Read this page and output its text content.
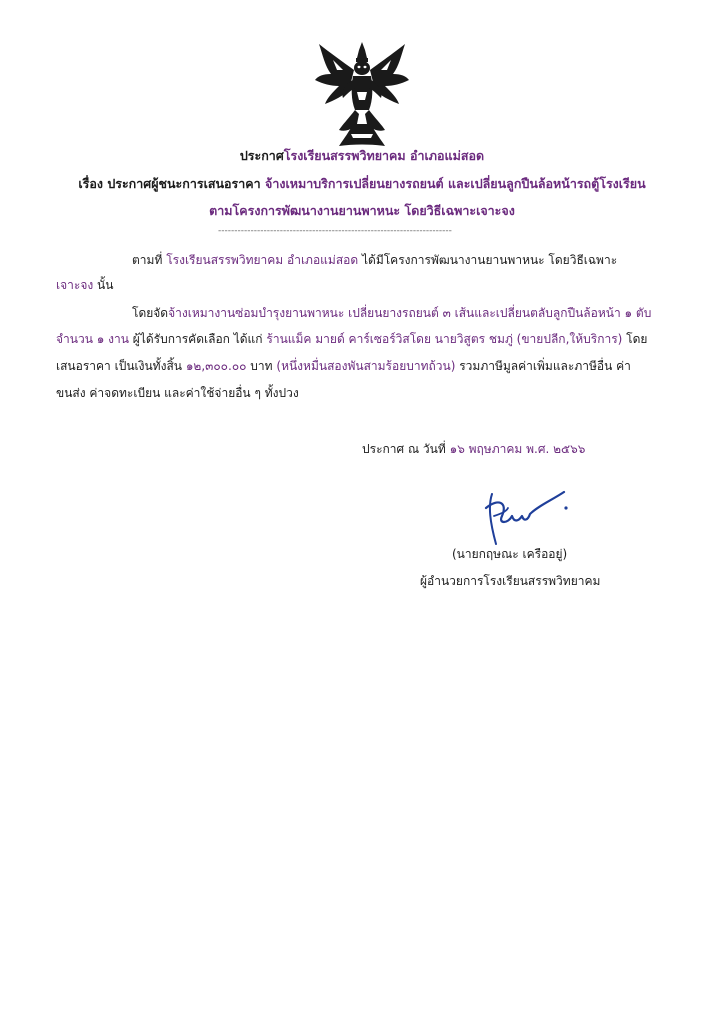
ประกาศโรงเรียนสรรพวิทยาคม อำเภอแม่สอด
เรื่อง ประกาศผู้ชนะการเสนอราคา จ้างเหมาบริการเปลี่ยนยางรถยนต์ และเปลี่ยนลูกปืนล้อหน้ารถตู้โรงเรียน
ตามโครงการพัฒนางานยานพาหนะ โดยวิธีเฉพาะเจาะจง
------------------------------------------------------------------------
ตามที่ โรงเรียนสรรพวิทยาคม อำเภอแม่สอด ได้มีโครงการพัฒนางานยานพาหนะ โดยวิธีเฉพาะ
เจาะจง นั้น
โดยจัดจ้างเหมางานซ่อมบำรุงยานพาหนะ เปลี่ยนยางรถยนต์ ๓ เส้นและเปลี่ยนตลับลูกปืนล้อหน้า ๑ ตับ
จำนวน ๑ งาน ผู้ได้รับการคัดเลือก ได้แก่ ร้านแม็ค มายด์ คาร์เซอร์วิสโดย นายวิสูตร ชมภู่ (ขายปลีก,ให้บริการ) โดย
เสนอราคา เป็นเงินทั้งสิ้น ๑๒,๓๐๐.๐๐ บาท (หนึ่งหมื่นสองพันสามร้อยบาทถ้วน) รวมภาษีมูลค่าเพิ่มและภาษีอื่น ค่า
ขนส่ง ค่าจดทะเบียน และค่าใช้จ่ายอื่น ๆ ทั้งปวง
ประกาศ ณ วันที่ ๑๖ พฤษภาคม พ.ศ. ๒๕๖๖
(นายกฤษณะ เครืออยู่)
ผู้อำนวยการโรงเรียนสรรพวิทยาคม
